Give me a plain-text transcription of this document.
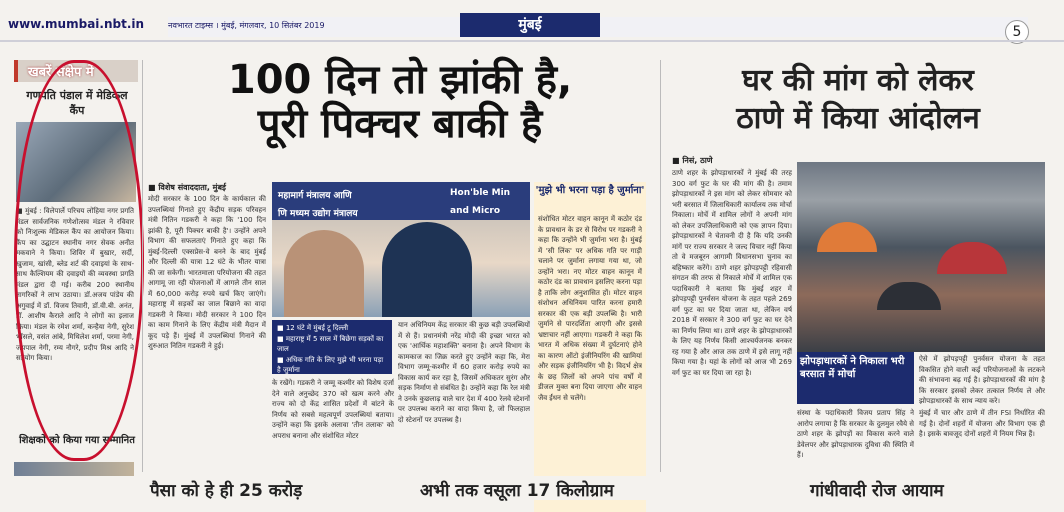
www.mumbai.nbt.in	नवभारत टाइम्स । मुंबई, मंगलवार, 10 सितंबर 2019	मुंबई	5
खबरें संक्षेप में
गणपति पंडाल में मेडिकल कैंप
■ मुंबई : विलेपार्ले परिचय लोहिया नगर प्रगति मंडल सार्वजनिक गणेशोत्सव मंडल ने रविवार को निःशुल्क मेडिकल कैंप का आयोजन किया। कैंप का उद्घाटन स्थानीय नगर सेवक अनीत मकवाने ने किया। शिविर में बुखार, सर्दी, खुजाम, खांसी, ब्लेड शर्ट की दवाइयां के साथ-साथ कैल्शियम की दवाइयों की व्यवस्था प्रगति मंडल द्वारा दी गई। करीब 200 स्थानीय नागरिकों ने लाभ उठाया। डॉ.अजय पांडेय की अगुवाई में डॉ. विजय तिवारी, डॉ.वी.बी. अनंत, डॉ. आशीष कैराले आदि ने लोगों का इलाज किया। मंडल के रमेश शर्मा, कन्हैया नेगी, सुरेश भोंसले, वसंत आंबे, मिथिलेश शर्मा, परमा नेगी, जयपाल नेगी, रम्य नौगरे, प्रदीप मिश्र आदि ने सहयोग किया।
शिक्षकों को किया गया सम्मानित
100 दिन तो झांकी है,
पूरी पिक्चर बाकी है
■ विशेष संवाददाता, मुंबई
मोदी सरकार के 100 दिन के कार्यकाल की उपलब्धियां गिनाते हुए केंद्रीय सड़क परिवहन मंत्री नितिन गडकरी ने कहा कि '100 दिन झांकी है, पूरी पिक्चर बाकी है'। उन्होंने अपने विभाग की सफलताएं गिनाते हुए कहा कि मुंबई-दिल्ली एक्सप्रेस-वे बनने के बाद मुंबई और दिल्ली की यात्रा 12 घंटे के भीतर यात्रा की जा सकेगी। भारतमाला परियोजना की तहत आगामू जा रही योजनाओं में आगले तीन साल में 60,000 करोड़ रुपये खर्च किए जाएंगे। महाराष्ट्र में सड़कों का जाल बिछाने का वादा गडकरी ने किया। मोदी सरकार ने 100 दिन का काम गिनाने के लिए केंद्रीय मंत्री मैदान में कूद पड़े हैं। मुंबई में उपलब्धियां गिनाने की शुरुआत नितिन गडकरी ने हुई।
महामार्ग मंत्रालय आणि
णि मध्यम उद्योग मंत्रालय
Hon'ble Min
and Micro
■ 12 घंटे में मुंबई टू दिल्ली
■ महाराष्ट्र में 5 साल में बिछेगा सड़कों का जाल
■ अधिक गति के लिए मुझे भी भरना पड़ा है जुर्माना
के रखेंगे। गडकरी ने जम्मू कश्मीर को विशेष दर्जा देने वाले अनुच्छेद 370 को खत्म करने और राज्य को दो केंद्र शासित प्रदेशों में बांटने के निर्णय को सबसे महत्वपूर्ण उपलब्धियां बताया। उन्होंने कहा कि इसके अलावा 'तीन तलाक' को अपराध बनाना और संशोधित मोटर
यान अधिनियम केंद्र सरकार की कुछ बड़ी उपलब्धियों में से हैं। प्रधानमंत्री नरेंद्र मोदी की इच्छा भारत को एक 'आर्थिक महाशक्ति' बनाना है। अपने विभाग के कामकाज का जिक्र करते हुए उन्होंने कहा कि, मेरा विभाग जम्मू-कश्मीर में 60 हजार करोड़ रुपये का विकास कार्य कर रहा है, जिसमें अधिकतर सुरंग और सड़क निर्माण से संबंधित है। उन्होंने कहा कि रेल मंत्री ने उनके कुछलाढ़ वाले चार देश में 400 रेलवे स्टेशनों पर उपलब्ध कराने का वादा किया है, जो फिलहाल दो स्टेशनों पर उपलब्ध है।
'मुझे भी भरना पड़ा है जुर्माना'
संशोधित मोटर वाहन कानून में कठोर दंड के प्रावधान के डर से विरोध पर गडकरी ने कहा कि उन्होंने भी जुर्माना भरा है। मुंबई में 'सी लिंक' पर अधिक गति पर गाड़ी चलाने पर जुर्माना लगाया गया था, जो उन्होंने भरा। नए मोटर वाहन कानून में कठोर दंड का प्रावधान इसलिए करना पड़ा है ताकि लोग अनुशासित हों। मोटर वाहन संशोधन अधिनियम पारित करना हमारी सरकार की एक बड़ी उपलब्धि है। भारी जुर्माने से पारदर्शिता आएगी और इससे भ्रष्टाचार नहीं आएगा। गडकरी ने कहा कि भारत में अधिक संख्या में दुर्घटनाएं होने का कारण ऑटो इंजीनियरिंग की खामियां और सड़क इंजीनियरिंग भी है। विदर्भ क्षेत्र के छह जिलों को अपने पांच वर्षों में डीजल मुक्त बना दिया जाएगा और वाहन जैव ईंधन से चलेंगे।
घर की मांग को लेकर
ठाणे में किया आंदोलन
■ निसं, ठाणे
ठाणे शहर के झोपड़ाधारकों ने मुंबई की तरह 300 वर्ग फुट के घर की मांग की है। तमाम झोपड़ाधारकों ने इस मांग को लेकर सोमवार को भरी बरसात में जिलाधिकारी कार्यालय तक मोर्चा निकाला। मोर्चे में शामिल लोगों ने अपनी मांग को लेकर उपजिलाधिकारी को एक ज्ञापन दिया। झोपड़ाधारकों ने चेतावनी दी है कि यदि उनकी मांगें पर राज्य सरकार ने जल्द विचार नहीं किया तो वे मजबूरन आगामी विधानसभा चुनाव का बहिष्कार करेंगे। ठाणे शहर झोपड़पट्टी रहिवासी संगठन की तरफ से निकाले मोर्चे में शामिल एक पदाधिकारी ने बताया कि मुंबई शहर में झोपड़पट्टी पुनर्वसन योजना के तहत पहले 269 वर्ग फुट का घर दिया जाता था, लेकिन वर्ष 2018 में सरकार ने 300 वर्ग फुट का घर देने का निर्णय लिया था। ठाणे शहर के झोपड़ाधारकों के लिए यह निर्णय किसी आश्चर्यजनक बनकर रह गया है और आज तक ठाणे में इसे लागू नहीं किया गया है। यहां के लोगों को आज भी 269 वर्ग फुट का घर दिया जा रहा है।
झोपड़ाधारकों ने निकाला भरी बरसात में मोर्चा
ऐसे में झोपड़पट्टी पुनर्वसन योजना के तहत विकसित होने वाली कई परियोजनाओं के लटकने की संभावना बढ़ गई है। झोपड़ाधारकों की मांग है कि सरकार इसको लेकर तत्काल निर्णय ले और झोपड़ाधारकों के साथ न्याय करे।
संस्था के पदाधिकारी विजय प्रताप सिंह ने आरोप लगाया है कि सरकार के दुलमुल रवैये से ठाणे शहर के झोपड़ों का विकास करने वाले डेवेलपर और झोपड़ाधारक दुविधा की स्थिति में हैं।
मुंबई में चार और ठाणे में तीन FSI निर्धारित की गई है। दोनों शहरों में योजना और विभाग एक ही है। इसके बावजूद दोनों शहरों में नियम भिन्न हैं।
पैसा को हे ही 25 करोड़	अभी तक वसूला 17 किलोग्राम	गांधीवादी रोज आयाम
